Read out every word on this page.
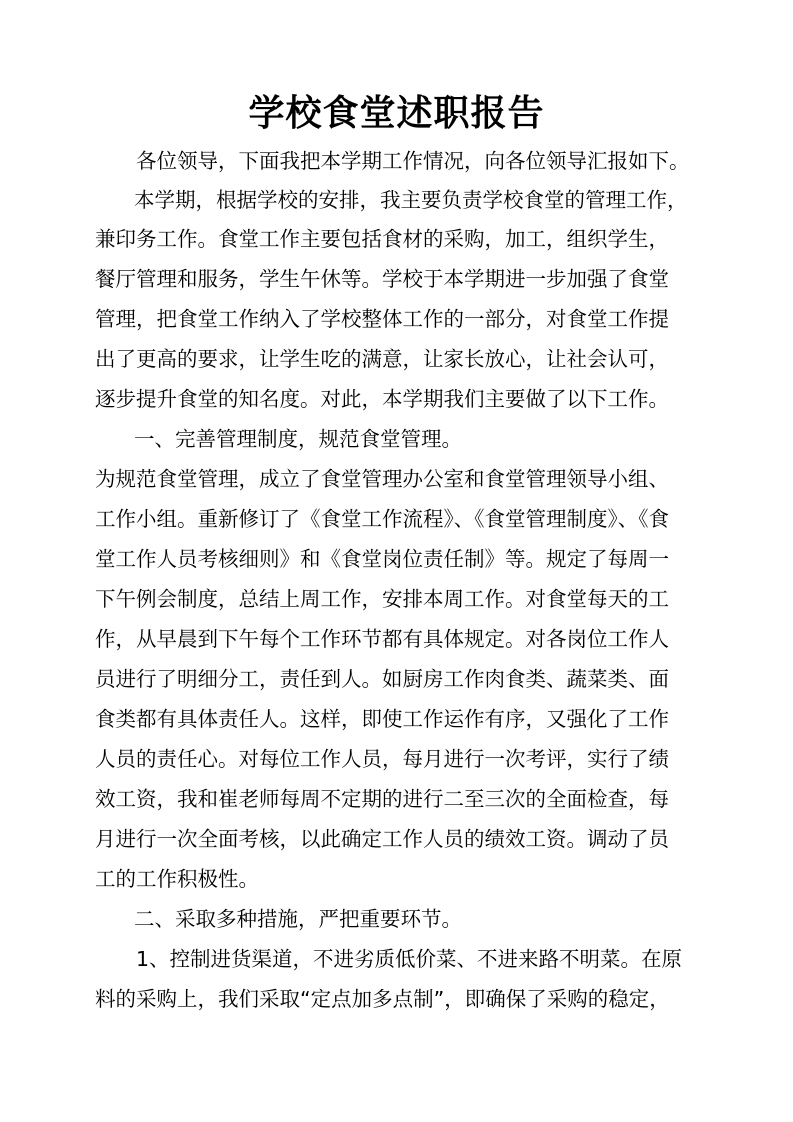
学校食堂述职报告

各位领导，下面我把本学期工作情况，向各位领导汇报如下。

本学期，根据学校的安排，我主要负责学校食堂的管理工作，

兼印务工作。食堂工作主要包括食材的采购，加工，组织学生，

餐厅管理和服务，学生午休等。学校于本学期进一步加强了食堂

管理，把食堂工作纳入了学校整体工作的一部分，对食堂工作提

出了更高的要求，让学生吃的满意，让家长放心，让社会认可，

逐步提升食堂的知名度。对此，本学期我们主要做了以下工作。

一、完善管理制度，规范食堂管理。

为规范食堂管理，成立了食堂管理办公室和食堂管理领导小组、

工作小组。重新修订了《食堂工作流程》、《食堂管理制度》、《食

堂工作人员考核细则》和《食堂岗位责任制》等。规定了每周一

下午例会制度，总结上周工作，安排本周工作。对食堂每天的工

作，从早晨到下午每个工作环节都有具体规定。对各岗位工作人

员进行了明细分工，责任到人。如厨房工作肉食类、蔬菜类、面

食类都有具体责任人。这样，即使工作运作有序，又强化了工作

人员的责任心。对每位工作人员，每月进行一次考评，实行了绩

效工资，我和崔老师每周不定期的进行二至三次的全面检查，每

月进行一次全面考核，以此确定工作人员的绩效工资。调动了员

工的工作积极性。

二、采取多种措施，严把重要环节。

1、控制进货渠道，不进劣质低价菜、不进来路不明菜。在原

料的采购上，我们采取“定点加多点制”，即确保了采购的稳定，
